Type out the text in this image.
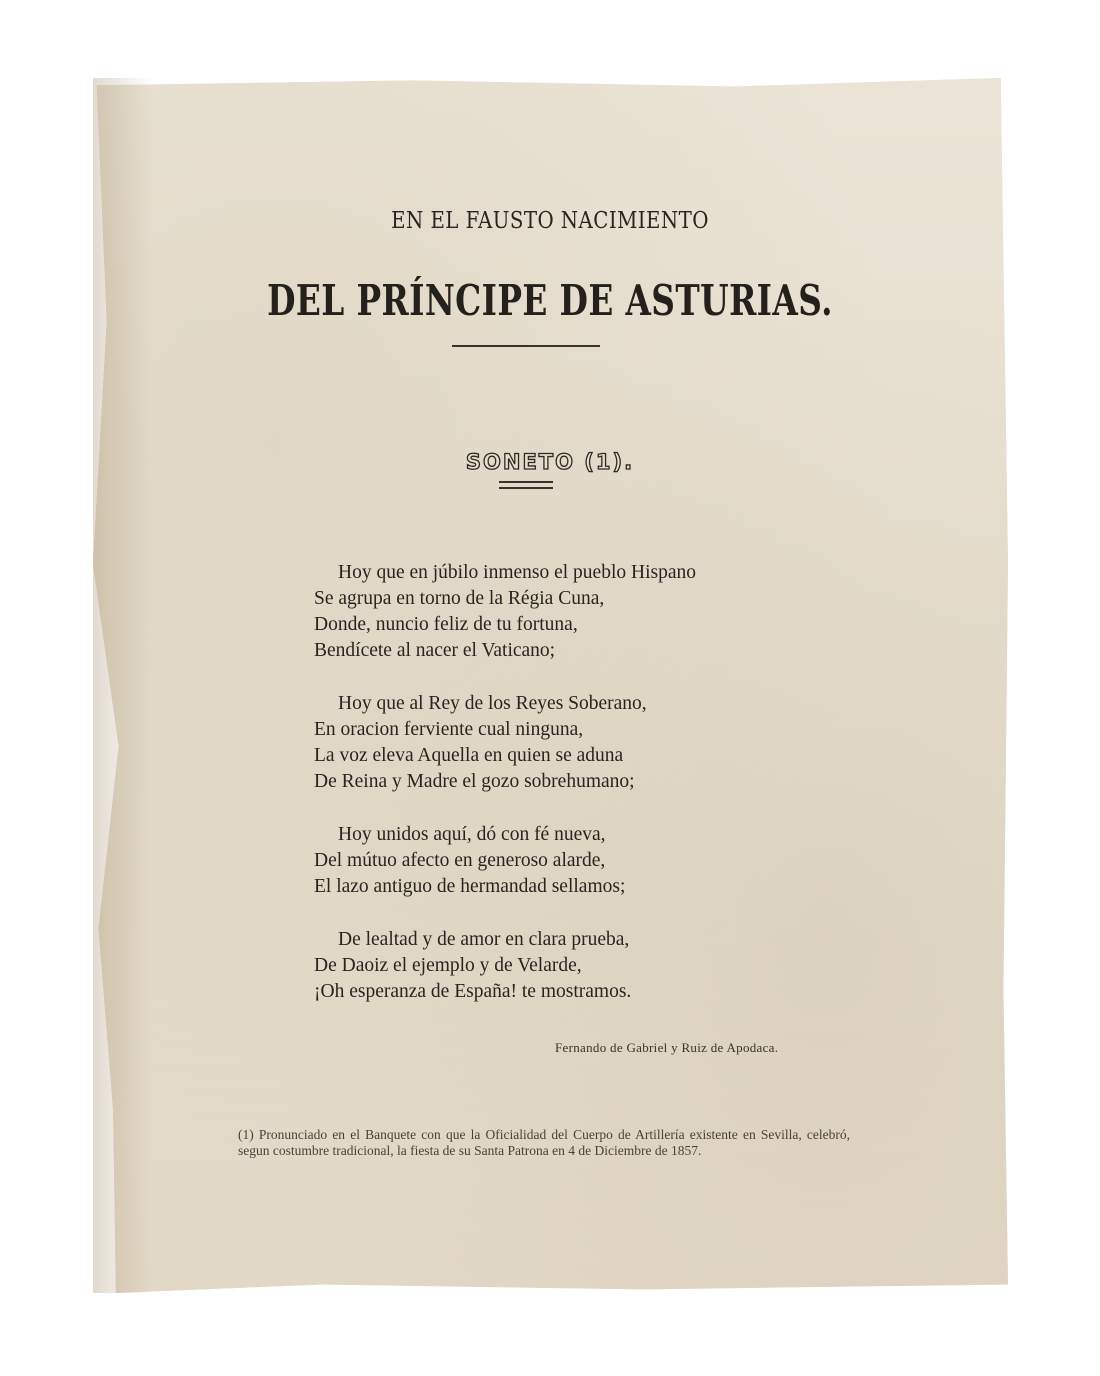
EN EL FAUSTO NACIMIENTO
DEL PRÍNCIPE DE ASTURIAS.
SONETO (1).
Hoy que en júbilo inmenso el pueblo Hispano
Se agrupa en torno de la Régia Cuna,
Donde, nuncio feliz de tu fortuna,
Bendícete al nacer el Vaticano;
Hoy que al Rey de los Reyes Soberano,
En oracion ferviente cual ninguna,
La voz eleva Aquella en quien se aduna
De Reina y Madre el gozo sobrehumano;
Hoy unidos aquí, dó con fé nueva,
Del mútuo afecto en generoso alarde,
El lazo antiguo de hermandad sellamos;
De lealtad y de amor en clara prueba,
De Daoiz el ejemplo y de Velarde,
¡Oh esperanza de España! te mostramos.
Fernando de Gabriel y Ruiz de Apodaca.
(1) Pronunciado en el Banquete con que la Oficialidad del Cuerpo de Artillería existente en Sevilla, celebró, segun costumbre tradicional, la fiesta de su Santa Patrona en 4 de Diciembre de 1857.
